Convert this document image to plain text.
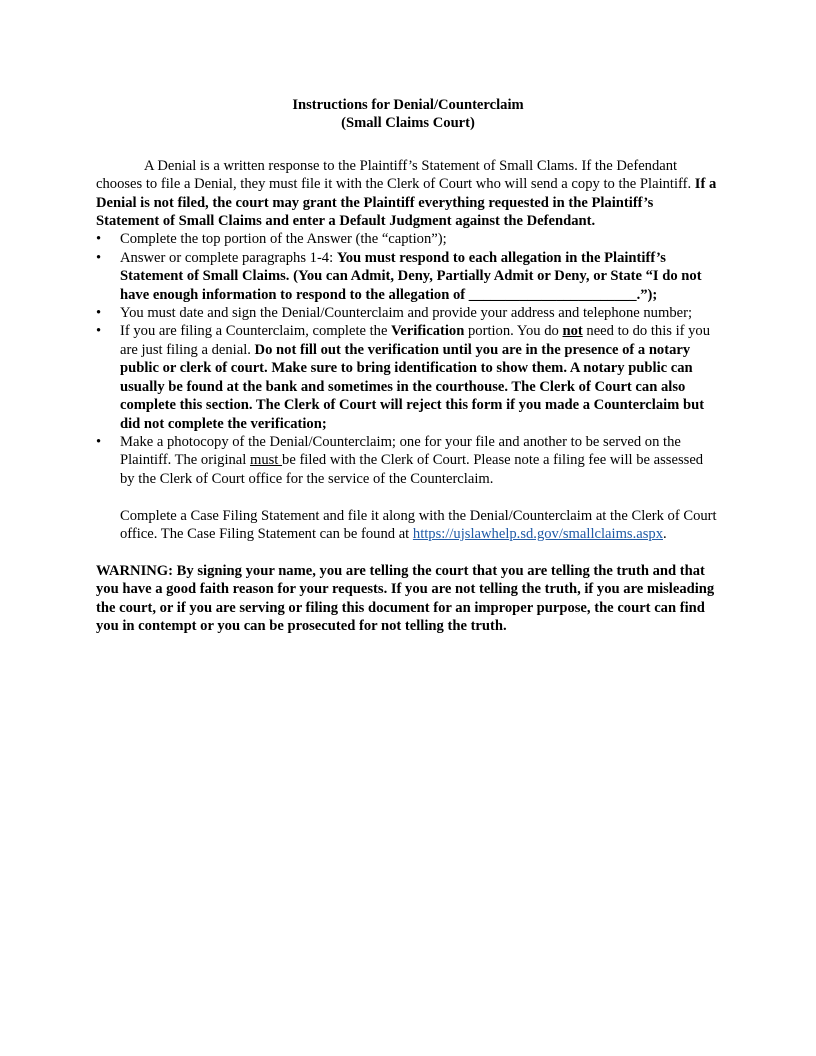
Instructions for Denial/Counterclaim
(Small Claims Court)

A Denial is a written response to the Plaintiff’s Statement of Small Clams. If the Defendant chooses to file a Denial, they must file it with the Clerk of Court who will send a copy to the Plaintiff. If a Denial is not filed, the court may grant the Plaintiff everything requested in the Plaintiff’s Statement of Small Claims and enter a Default Judgment against the Defendant.

•	Complete the top portion of the Answer (the “caption”);
•	Answer or complete paragraphs 1-4: You must respond to each allegation in the Plaintiff’s Statement of Small Claims. (You can Admit, Deny, Partially Admit or Deny, or State “I do not have enough information to respond to the allegation of _______________________.”);
•	You must date and sign the Denial/Counterclaim and provide your address and telephone number;
•	If you are filing a Counterclaim, complete the Verification portion. You do not need to do this if you are just filing a denial. Do not fill out the verification until you are in the presence of a notary public or clerk of court. Make sure to bring identification to show them. A notary public can usually be found at the bank and sometimes in the courthouse. The Clerk of Court can also complete this section. The Clerk of Court will reject this form if you made a Counterclaim but did not complete the verification;
•	Make a photocopy of the Denial/Counterclaim; one for your file and another to be served on the Plaintiff. The original must be filed with the Clerk of Court. Please note a filing fee will be assessed by the Clerk of Court office for the service of the Counterclaim.

Complete a Case Filing Statement and file it along with the Denial/Counterclaim at the Clerk of Court office. The Case Filing Statement can be found at https://ujslawhelp.sd.gov/smallclaims.aspx.

WARNING: By signing your name, you are telling the court that you are telling the truth and that you have a good faith reason for your requests. If you are not telling the truth, if you are misleading the court, or if you are serving or filing this document for an improper purpose, the court can find you in contempt or you can be prosecuted for not telling the truth.
